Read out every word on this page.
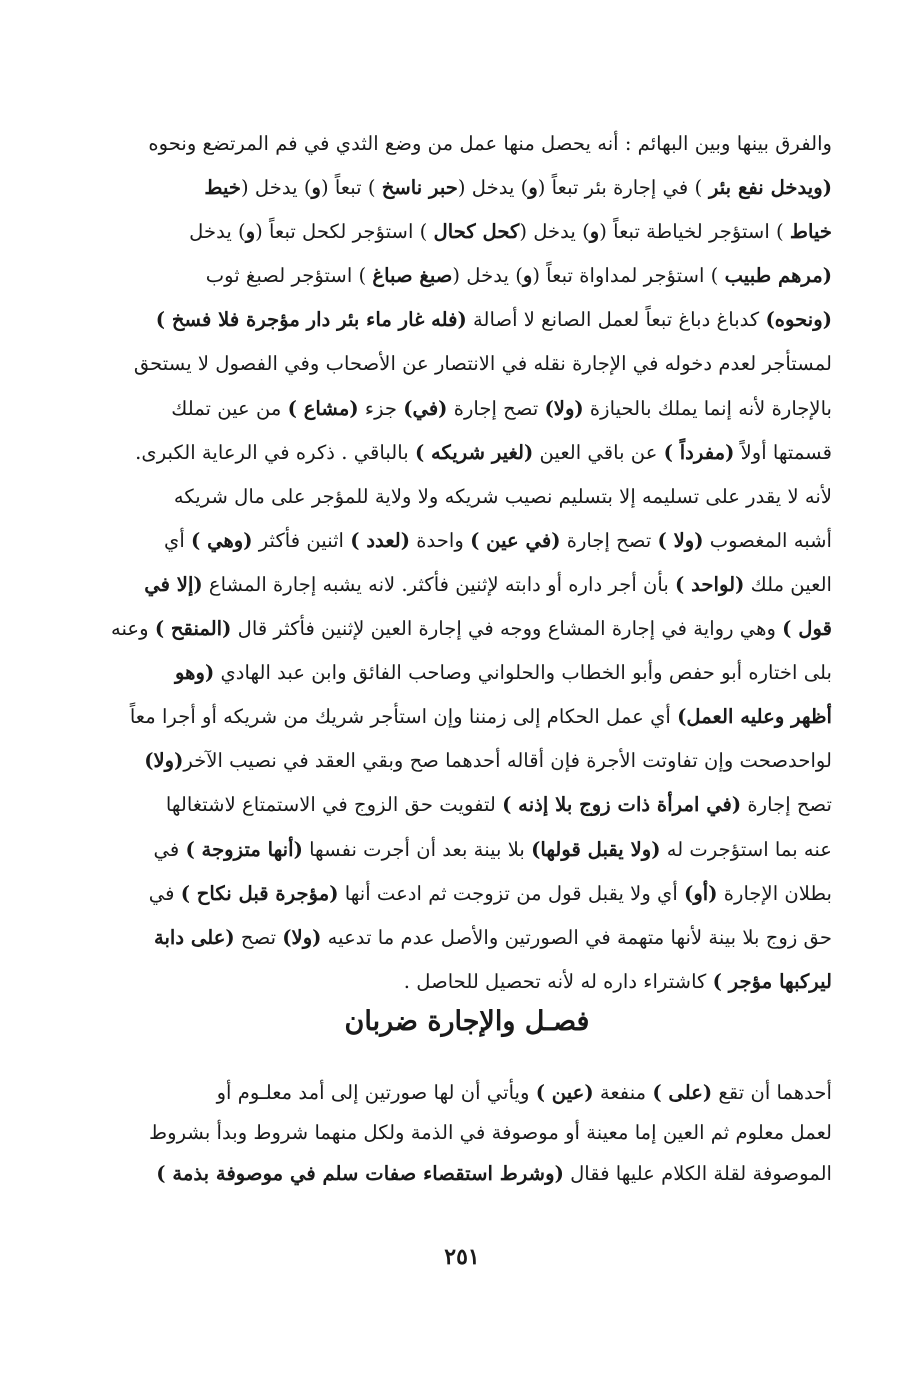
والفرق بينها وبين البهائم : أنه يحصل منها عمل من وضع الثدي في فم المرتضع ونحوه
(ويدخل نفع بئر ) في إجارة بئر تبعاً (و) يدخل (حبر ناسخ ) تبعاً (و) يدخل (خيط
خياط ) استؤجر لخياطة تبعاً (و) يدخل (كحل كحال ) استؤجر لكحل تبعاً (و) يدخل
(مرهم طبيب ) استؤجر لمداواة تبعاً (و) يدخل (صبغ صباغ ) استؤجر لصبغ ثوب
(ونحوه) كدباغ دباغ تبعاً لعمل الصانع لا أصالة (فله غار ماء بئر دار مؤجرة فلا فسخ )
لمستأجر لعدم دخوله في الإجارة نقله في الانتصار عن الأصحاب وفي الفصول لا يستحق
بالإجارة لأنه إنما يملك بالحيازة (ولا) تصح إجارة (في) جزء (مشاع ) من عين تملك
قسمتها أولاً (مفرداً ) عن باقي العين (لغير شريكه ) بالباقي . ذكره في الرعاية الكبرى.
لأنه لا يقدر على تسليمه إلا بتسليم نصيب شريكه ولا ولاية للمؤجر على مال شريكه
أشبه المغصوب (ولا ) تصح إجارة (في عين ) واحدة (لعدد ) اثنين فأكثر (وهي ) أي
العين ملك (لواحد ) بأن أجر داره أو دابته لإثنين فأكثر. لانه يشبه إجارة المشاع (إلا في
قول ) وهي رواية في إجارة المشاع ووجه في إجارة العين لإثنين فأكثر قال (المنقح ) وعنه
بلى اختاره أبو حفص وأبو الخطاب والحلواني وصاحب الفائق وابن عبد الهادي (وهو
أظهر وعليه العمل) أي عمل الحكام إلى زمننا وإن استأجر شريك من شريكه أو أجرا معاً
لواحدصحت وإن تفاوتت الأجرة فإن أقاله أحدهما صح وبقي العقد في نصيب الآخر(ولا)
تصح إجارة (في امرأة ذات زوج بلا إذنه ) لتفويت حق الزوج في الاستمتاع لاشتغالها
عنه بما استؤجرت له (ولا يقبل قولها) بلا بينة بعد أن أجرت نفسها (أنها متزوجة ) في
بطلان الإجارة (أو) أي ولا يقبل قول من تزوجت ثم ادعت أنها (مؤجرة قبل نكاح ) في
حق زوج بلا بينة لأنها متهمة في الصورتين والأصل عدم ما تدعيه (ولا) تصح (على دابة
ليركبها مؤجر ) كاشتراء داره له لأنه تحصيل للحاصل .
فصـل والإجارة ضربان
أحدهما أن تقع (على ) منفعة (عين ) ويأتي أن لها صورتين إلى أمد معلـوم أو
لعمل معلوم ثم العين إما معينة أو موصوفة في الذمة ولكل منهما شروط وبدأ بشروط
الموصوفة لقلة الكلام عليها فقال (وشرط استقصاء صفات سلم في موصوفة بذمة )
٢٥١
